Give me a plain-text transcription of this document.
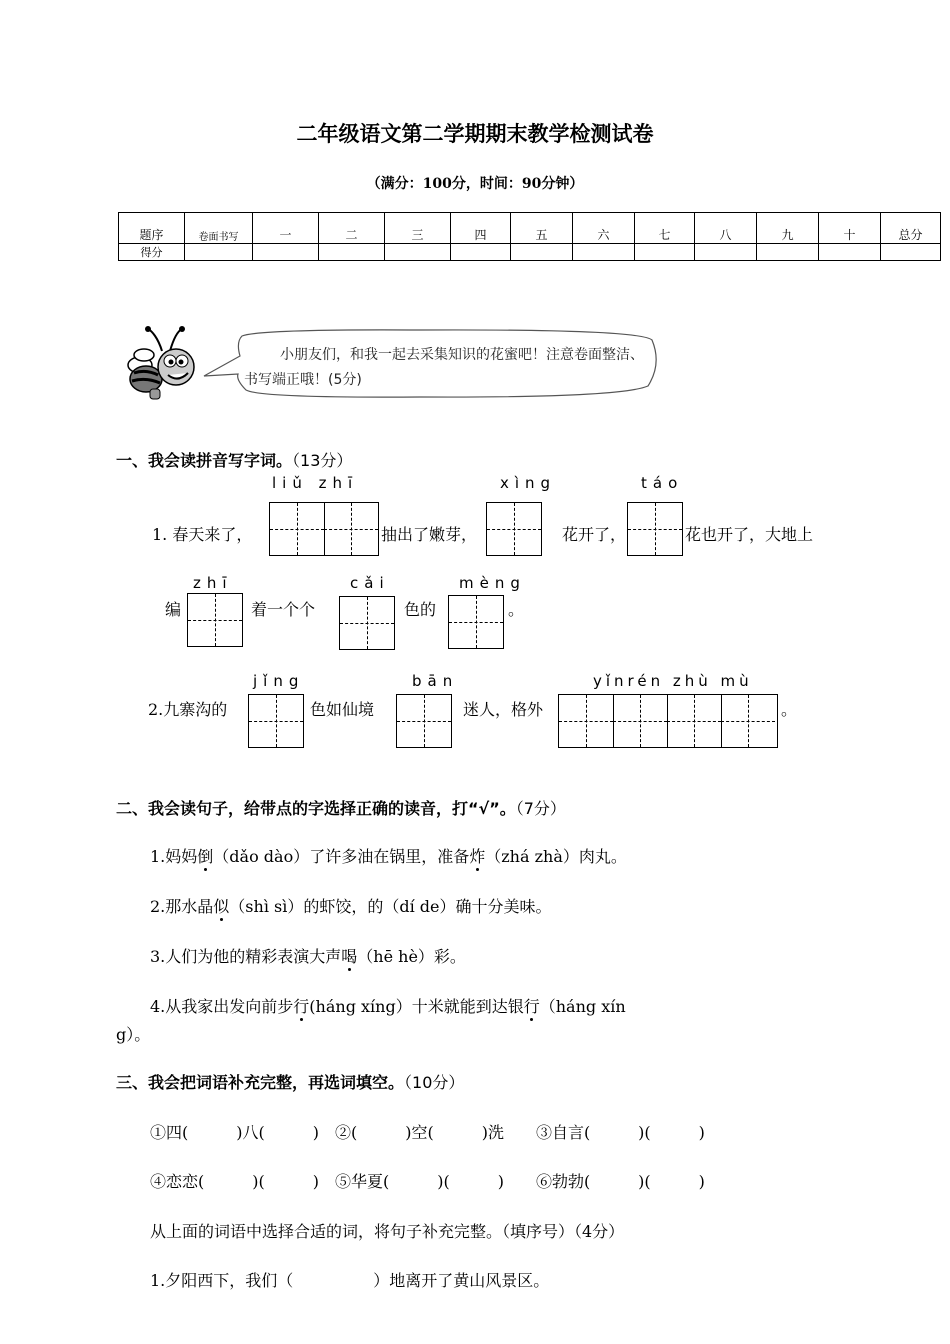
二年级语文第二学期期末教学检测试卷
（满分：100分，时间：90分钟）
题序	卷面书写	一	二	三	四	五	六	七	八	九	十	总分
得分												
小朋友们，和我一起去采集知识的花蜜吧！注意卷面整洁、书写端正哦！(5分)
一、我会读拼音写字词。（13分）
liǔ zhī	xìng	táo
1. 春天来了，	抽出了嫩芽，	花开了，	花也开了，大地上
zhī	cǎi	mèng
编	着一个个	色的	。
jǐng	bān	yǐnrén zhù mù
2.九寨沟的	色如仙境	迷人，格外	。
二、我会读句子，给带点的字选择正确的读音，打“√”。（7分）
1.妈妈倒（dǎo dào）了许多油在锅里，准备炸（zhá zhà）肉丸。
2.那水晶似（shì sì）的虾饺，的（dí de）确十分美味。
3.人们为他的精彩表演大声喝（hē hè）彩。
4.从我家出发向前步行(háng xíng）十米就能到达银行（háng xín
g）。
三、我会把词语补充完整，再选词填空。（10分）
①四(　　　)八(　　　)　②(　　　)空(　　　)洗　　③自言(　　　)(　　　)
④恋恋(　　　)(　　　)　⑤华夏(　　　)(　　　)　　⑥勃勃(　　　)(　　　)
从上面的词语中选择合适的词，将句子补充完整。（填序号）（4分）
1.夕阳西下，我们（　　　　　）地离开了黄山风景区。
